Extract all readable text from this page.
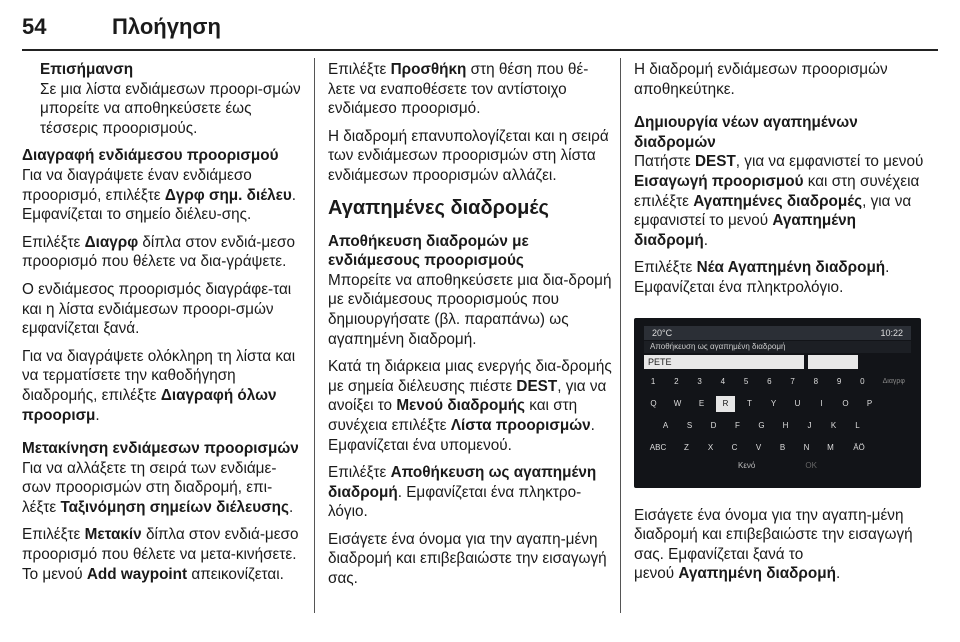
54	Πλοήγηση

Επισήμανση

Σε μια λίστα ενδιάμεσων προορι-σμών μπορείτε να αποθηκεύσετε έως τέσσερις προορισμούς.

Διαγραφή ενδιάμεσου προορισμού

Για να διαγράψετε έναν ενδιάμεσο προορισμό, επιλέξτε Δγρφ σημ. διέλευ. Εμφανίζεται το σημείο διέλευ-σης.

Επιλέξτε Διαγρφ δίπλα στον ενδιά-μεσο προορισμό που θέλετε να δια-γράψετε.

Ο ενδιάμεσος προορισμός διαγράφε-ται και η λίστα ενδιάμεσων προορι-σμών εμφανίζεται ξανά.

Για να διαγράψετε ολόκληρη τη λίστα και να τερματίσετε την καθοδήγηση διαδρομής, επιλέξτε Διαγραφή όλων προορισμ.

Μετακίνηση ενδιάμεσων προορισμών

Για να αλλάξετε τη σειρά των ενδιάμε-σων προορισμών στη διαδρομή, επι-λέξτε Ταξινόμηση σημείων διέλευσης.

Επιλέξτε Μετακίν δίπλα στον ενδιά-μεσο προορισμό που θέλετε να μετα-κινήσετε. Το μενού Add waypoint απεικονίζεται.

Επιλέξτε Προσθήκη στη θέση που θέ-λετε να εναποθέσετε τον αντίστοιχο ενδιάμεσο προορισμό.

Η διαδρομή επανυπολογίζεται και η σειρά των ενδιάμεσων προορισμών στη λίστα ενδιάμεσων προορισμών αλλάζει.

Αγαπημένες διαδρομές

Αποθήκευση διαδρομών με ενδιάμεσους προορισμούς

Μπορείτε να αποθηκεύσετε μια δια-δρομή με ενδιάμεσους προορισμούς που δημιουργήσατε (βλ. παραπάνω) ως αγαπημένη διαδρομή.

Κατά τη διάρκεια μιας ενεργής δια-δρομής με σημεία διέλευσης πιέστε DEST, για να ανοίξει το Μενού διαδρομής και στη συνέχεια επιλέξτε Λίστα προορισμών. Εμφανίζεται ένα υπομενού.

Επιλέξτε Αποθήκευση ως αγαπημένη διαδρομή. Εμφανίζεται ένα πληκτρο-λόγιο.

Εισάγετε ένα όνομα για την αγαπη-μένη διαδρομή και επιβεβαιώστε την εισαγωγή σας.

Η διαδρομή ενδιάμεσων προορισμών αποθηκεύτηκε.

Δημιουργία νέων αγαπημένων διαδρομών

Πατήστε DEST, για να εμφανιστεί το μενού Εισαγωγή προορισμού και στη συνέχεια επιλέξτε Αγαπημένες διαδρομές, για να εμφανιστεί το μενού Αγαπημένη διαδρομή.

Επιλέξτε Νέα Αγαπημένη διαδρομή. Εμφανίζεται ένα πληκτρολόγιο.

20°C	10:22
Αποθήκευση ως αγαπημένη διαδρομή
PETE
1	2	3	4	5	6	7	8	9	0	Διαγρφ
Q	W	E	R	T	Y	U	I	O	P
A	S	D	F	G	H	J	K	L
ABC	Z	X	C	V	B	N	M	ÄÖ
Κενό	OK

Εισάγετε ένα όνομα για την αγαπη-μένη διαδρομή και επιβεβαιώστε την εισαγωγή σας. Εμφανίζεται ξανά το

μενού Αγαπημένη διαδρομή.
